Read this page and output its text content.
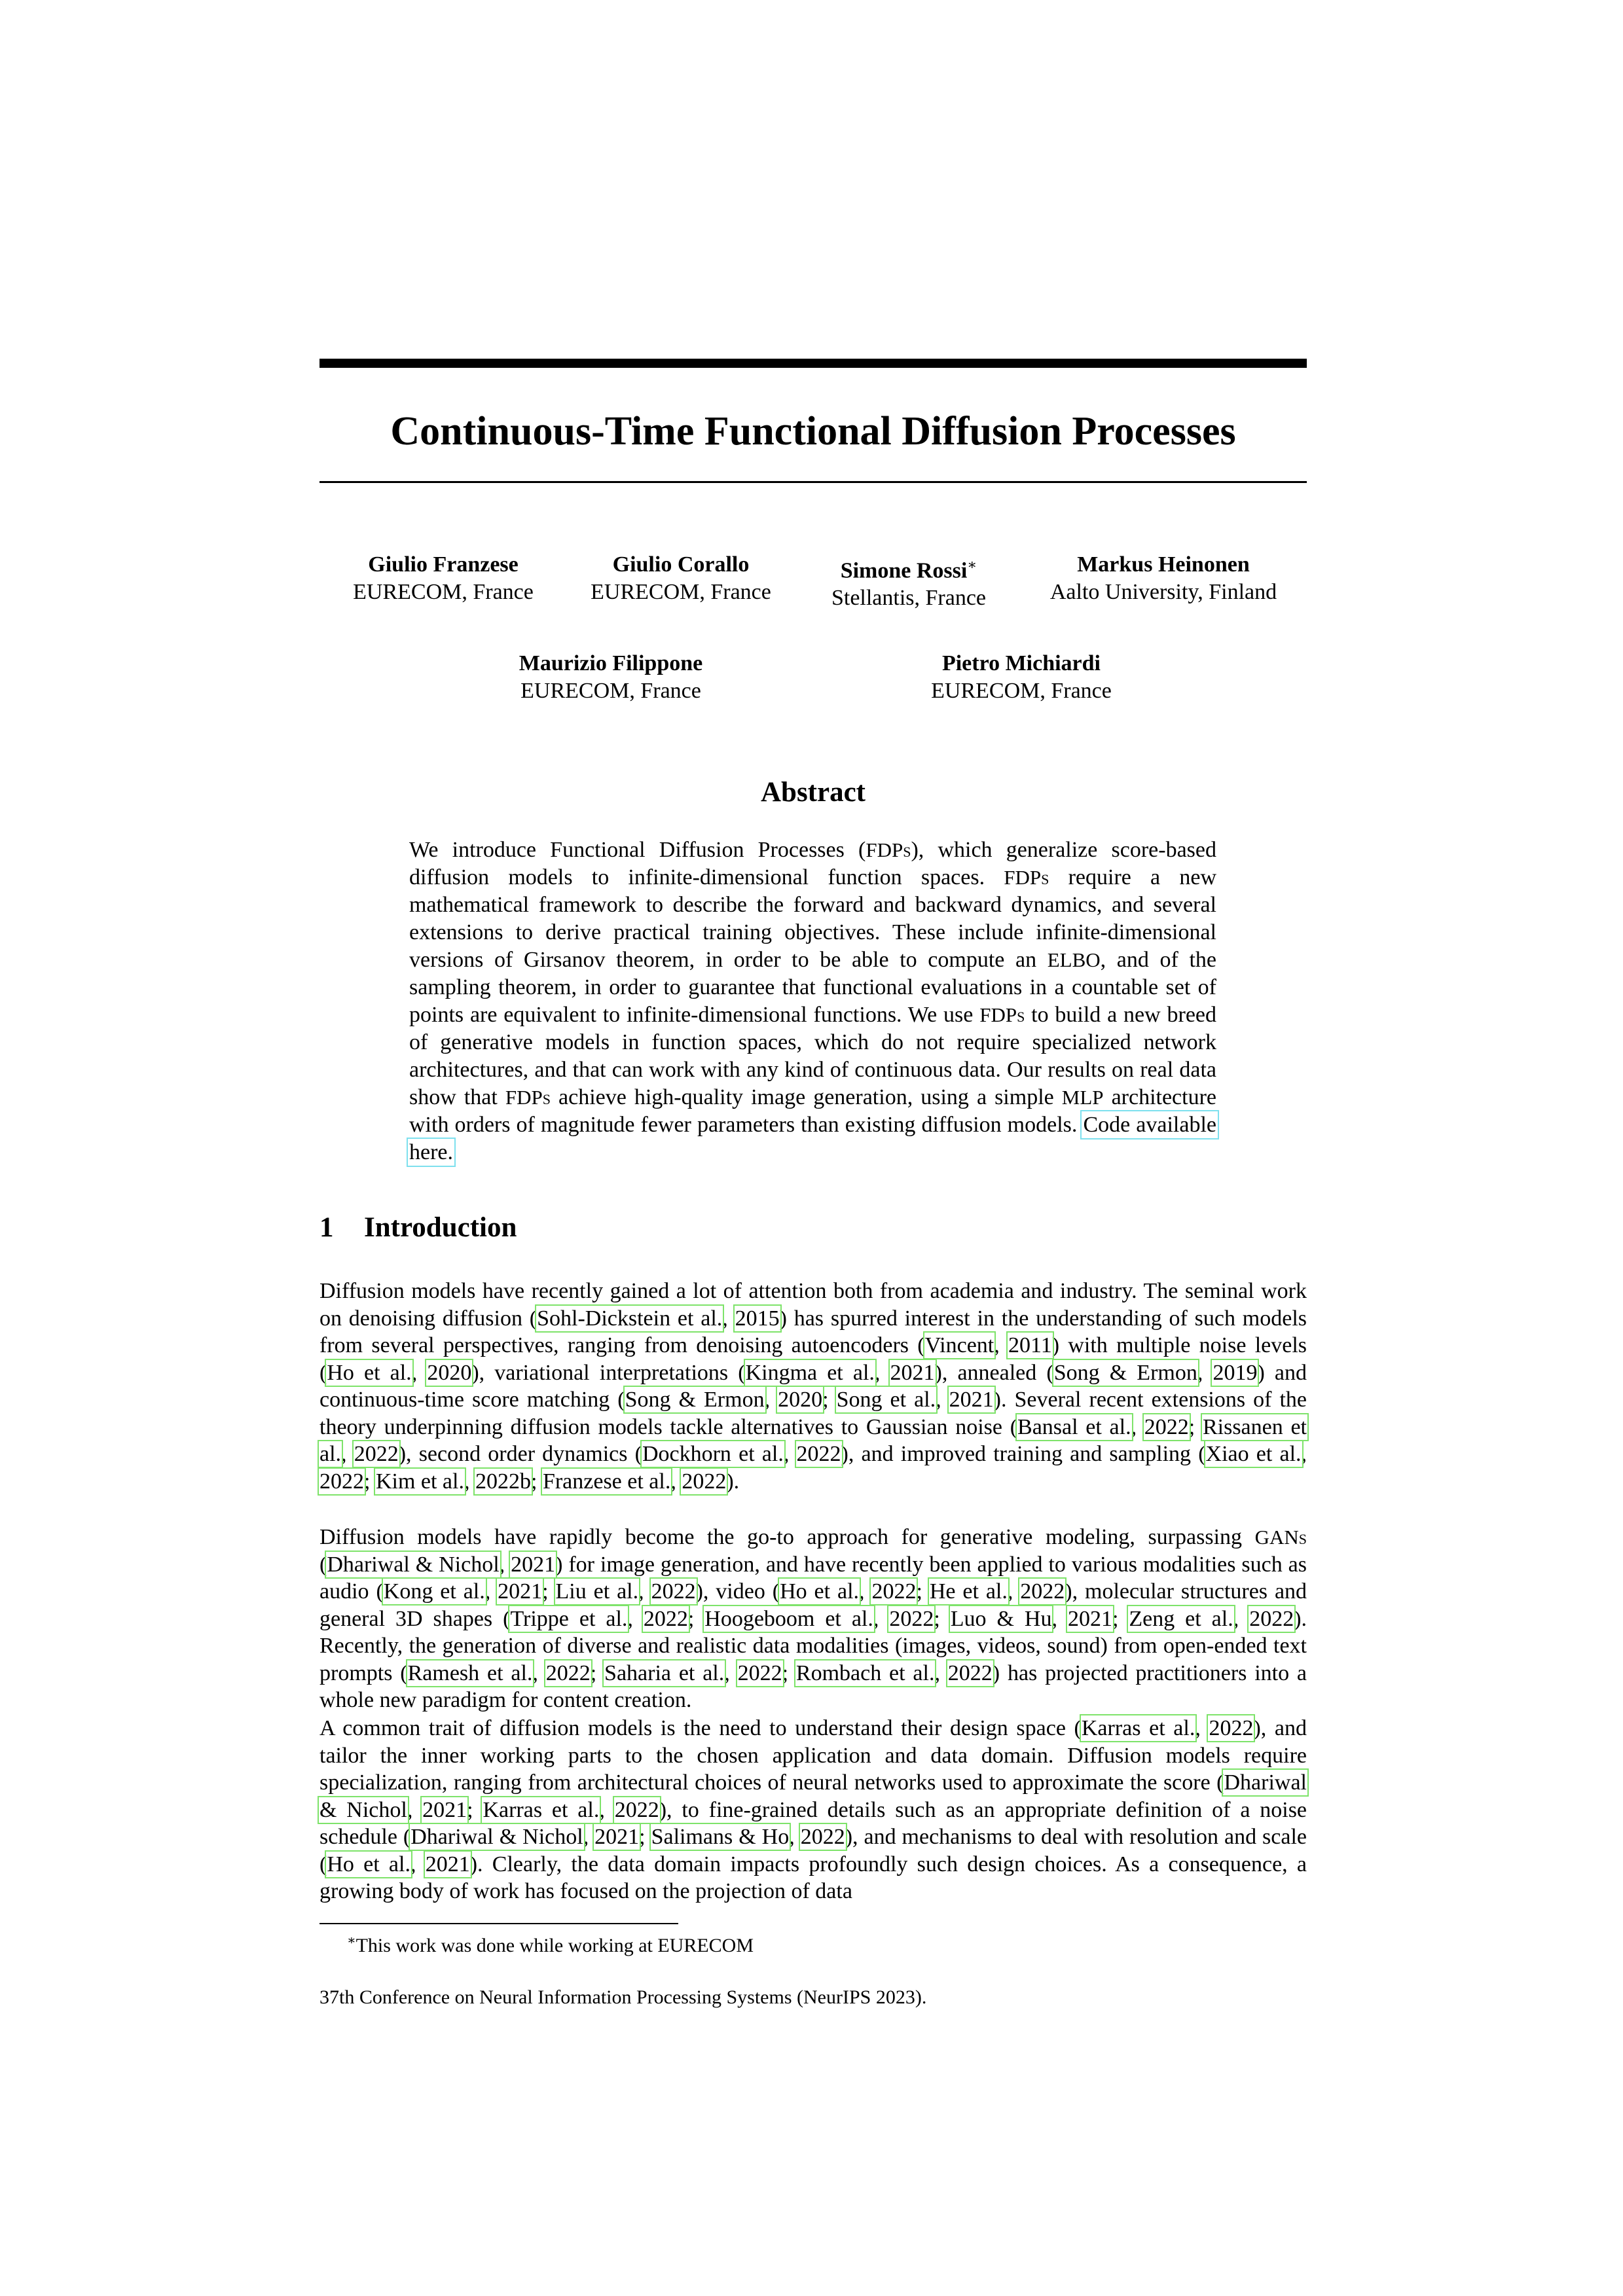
Continuous-Time Functional Diffusion Processes
Giulio Franzese
EURECOM, France
Giulio Corallo
EURECOM, France
Simone Rossi∗
Stellantis, France
Markus Heinonen
Aalto University, Finland
Maurizio Filippone
EURECOM, France
Pietro Michiardi
EURECOM, France
Abstract
We introduce Functional Diffusion Processes (FDPs), which generalize score-based diffusion models to infinite-dimensional function spaces. FDPs require a new mathematical framework to describe the forward and backward dynamics, and several extensions to derive practical training objectives. These include infinite-dimensional versions of Girsanov theorem, in order to be able to compute an ELBO, and of the sampling theorem, in order to guarantee that functional evaluations in a countable set of points are equivalent to infinite-dimensional functions. We use FDPs to build a new breed of generative models in function spaces, which do not require specialized network architectures, and that can work with any kind of continuous data. Our results on real data show that FDPs achieve high-quality image generation, using a simple MLP architecture with orders of magnitude fewer parameters than existing diffusion models. Code available here.
1 Introduction

Diffusion models have recently gained a lot of attention both from academia and industry. The seminal work on denoising diffusion (Sohl-Dickstein et al., 2015) has spurred interest in the understanding of such models from several perspectives, ranging from denoising autoencoders (Vincent, 2011) with multiple noise levels (Ho et al., 2020), variational interpretations (Kingma et al., 2021), annealed (Song & Ermon, 2019) and continuous-time score matching (Song & Ermon, 2020; Song et al., 2021). Several recent extensions of the theory underpinning diffusion models tackle alternatives to Gaussian noise (Bansal et al., 2022; Rissanen et al., 2022), second order dynamics (Dockhorn et al., 2022), and improved training and sampling (Xiao et al., 2022; Kim et al., 2022b; Franzese et al., 2022).

Diffusion models have rapidly become the go-to approach for generative modeling, surpassing GANs (Dhariwal & Nichol, 2021) for image generation, and have recently been applied to various modalities such as audio (Kong et al., 2021; Liu et al., 2022), video (Ho et al., 2022; He et al., 2022), molecular structures and general 3D shapes (Trippe et al., 2022; Hoogeboom et al., 2022; Luo & Hu, 2021; Zeng et al., 2022). Recently, the generation of diverse and realistic data modalities (images, videos, sound) from open-ended text prompts (Ramesh et al., 2022; Saharia et al., 2022; Rombach et al., 2022) has projected practitioners into a whole new paradigm for content creation.

A common trait of diffusion models is the need to understand their design space (Karras et al., 2022), and tailor the inner working parts to the chosen application and data domain. Diffusion models require specialization, ranging from architectural choices of neural networks used to approximate the score (Dhariwal & Nichol, 2021; Karras et al., 2022), to fine-grained details such as an appropriate definition of a noise schedule (Dhariwal & Nichol, 2021; Salimans & Ho, 2022), and mechanisms to deal with resolution and scale (Ho et al., 2021). Clearly, the data domain impacts profoundly such design choices. As a consequence, a growing body of work has focused on the projection of data

∗This work was done while working at EURECOM
37th Conference on Neural Information Processing Systems (NeurIPS 2023).
